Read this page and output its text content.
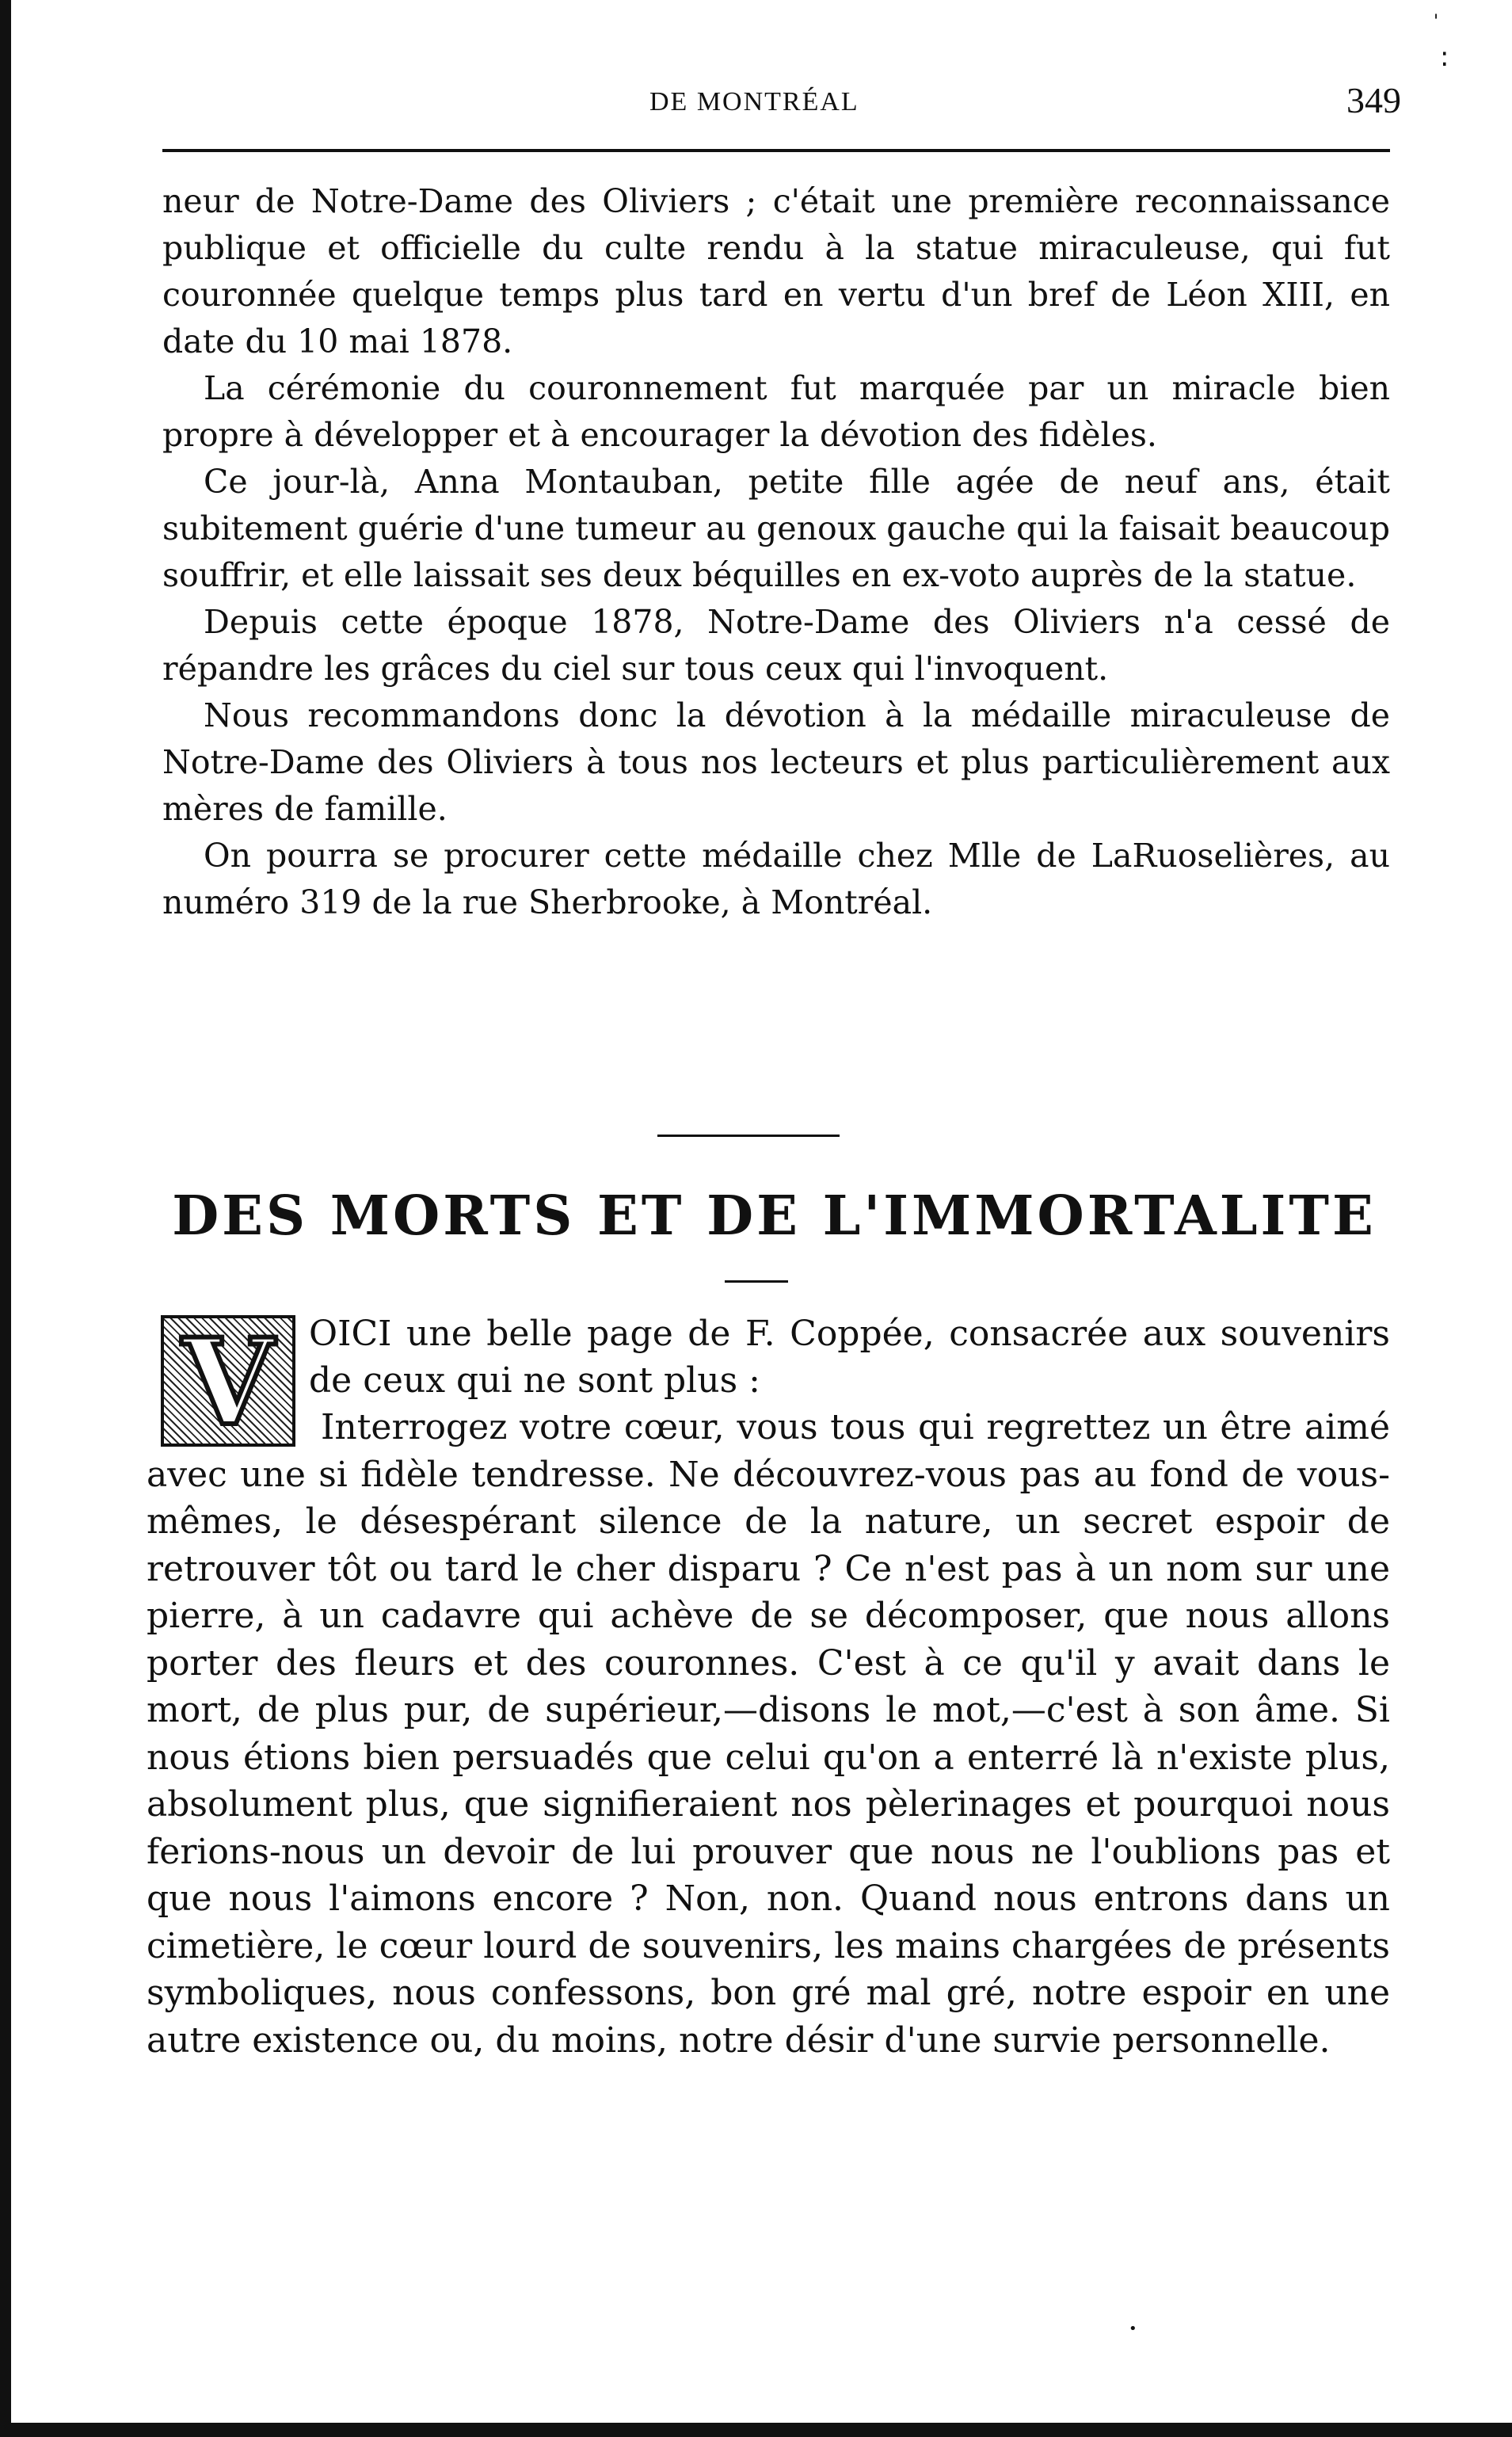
:
'
•
DE MONTRÉAL	349

neur de Notre-Dame des Oliviers ; c'était une première reconnaissance publique et officielle du culte rendu à la statue miraculeuse, qui fut couronnée quelque temps plus tard en vertu d'un bref de Léon XIII, en date du 10 mai 1878.

La cérémonie du couronnement fut marquée par un miracle bien propre à développer et à encourager la dévotion des fidèles.

Ce jour-là, Anna Montauban, petite fille agée de neuf ans, était subitement guérie d'une tumeur au genoux gauche qui la faisait beaucoup souffrir, et elle laissait ses deux béquilles en ex-voto auprès de la statue.

Depuis cette époque 1878, Notre-Dame des Oliviers n'a cessé de répandre les grâces du ciel sur tous ceux qui l'invoquent.

Nous recommandons donc la dévotion à la médaille miraculeuse de Notre-Dame des Oliviers à tous nos lecteurs et plus particulièrement aux mères de famille.

On pourra se procurer cette médaille chez Mlle de LaRuoselières, au numéro 319 de la rue Sherbrooke, à Montréal.

DES MORTS ET DE L'IMMORTALITE
V OICI une belle page de F. Coppée, consacrée aux souvenirs de ceux qui ne sont plus :

Interrogez votre cœur, vous tous qui regrettez un être aimé avec une si fidèle tendresse. Ne découvrez-vous pas au fond de vous-mêmes, le désespérant silence de la nature, un secret espoir de retrouver tôt ou tard le cher disparu ? Ce n'est pas à un nom sur une pierre, à un cadavre qui achève de se décomposer, que nous allons porter des fleurs et des couronnes. C'est à ce qu'il y avait dans le mort, de plus pur, de supérieur,—disons le mot,—c'est à son âme. Si nous étions bien persuadés que celui qu'on a enterré là n'existe plus, absolument plus, que signifieraient nos pèlerinages et pourquoi nous ferions-nous un devoir de lui prouver que nous ne l'oublions pas et que nous l'aimons encore ? Non, non. Quand nous entrons dans un cimetière, le cœur lourd de souvenirs, les mains chargées de présents symboliques, nous confessons, bon gré mal gré, notre espoir en une autre existence ou, du moins, notre désir d'une survie personnelle.
